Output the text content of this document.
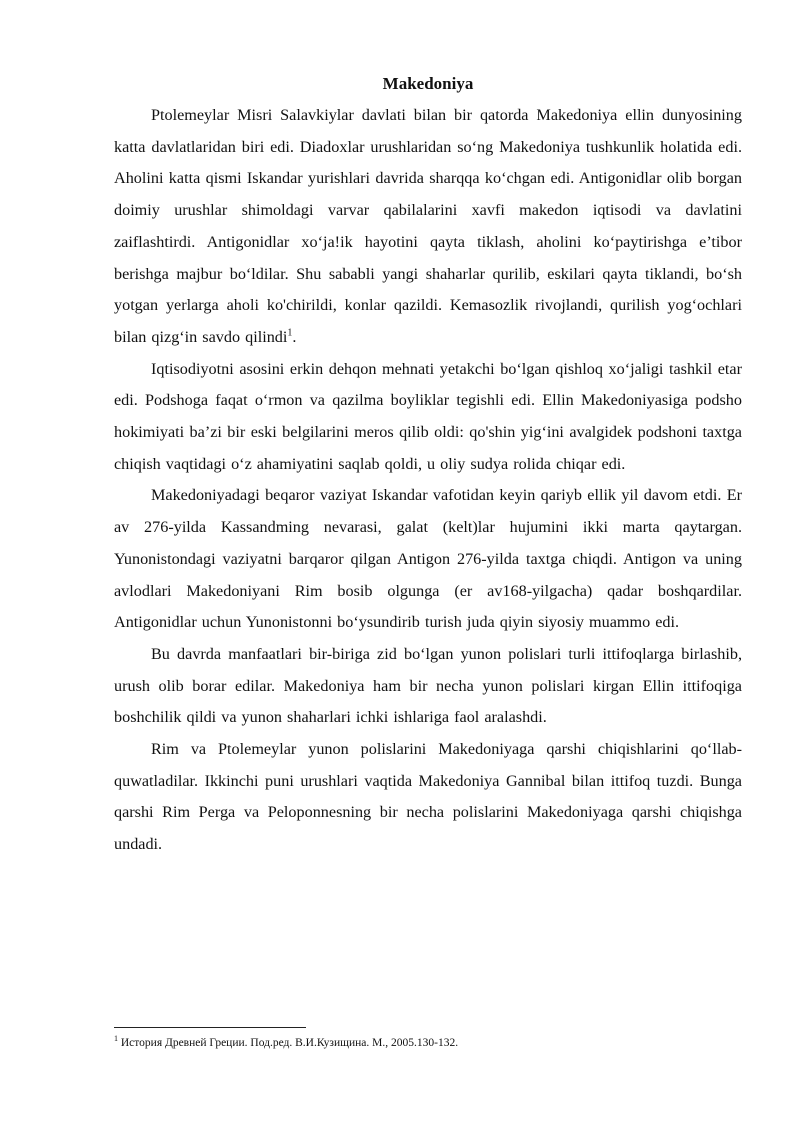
Makedoniya

Ptolemeylar Misri Salavkiylar davlati bilan bir qatorda Makedoniya ellin dunyosining katta davlatlaridan biri edi. Diadoxlar urushlaridan so‘ng Makedoniya tushkunlik holatida edi. Aholini katta qismi Iskandar yurishlari davrida sharqqa ko‘chgan edi. Antigonidlar olib borgan doimiy urushlar shimoldagi varvar qabilalarini xavfi makedon iqtisodi va davlatini zaiflashtirdi. Antigonidlar xo‘ja!ik hayotini qayta tiklash, aholini ko‘paytirishga e’tibor berishga majbur bo‘ldilar. Shu sababli yangi shaharlar qurilib, eskilari qayta tiklandi, bo‘sh yotgan yerlarga aholi ko'chirildi, konlar qazildi. Kemasozlik rivojlandi, qurilish yog‘ochlari bilan qizg‘in savdo qilindi$^1$.

Iqtisodiyotni asosini erkin dehqon mehnati yetakchi bo‘lgan qishloq xo‘jaligi tashkil etar edi. Podshoga faqat o‘rmon va qazilma boyliklar tegishli edi. Ellin Makedoniyasiga podsho hokimiyati ba’zi bir eski belgilarini meros qilib oldi: qo'shin yig‘ini avalgidek podshoni taxtga chiqish vaqtidagi o‘z ahamiyatini saqlab qoldi, u oliy sudya rolida chiqar edi.

Makedoniyadagi beqaror vaziyat Iskandar vafotidan keyin qariyb ellik yil davom etdi. Er av 276-yilda Kassandming nevarasi, galat (kelt)lar hujumini ikki marta qaytargan. Yunonistondagi vaziyatni barqaror qilgan Antigon 276-yilda taxtga chiqdi. Antigon va uning avlodlari Makedoniyani Rim bosib olgunga (er av168-yilgacha) qadar boshqardilar. Antigonidlar uchun Yunonistonni bo‘ysundirib turish juda qiyin siyosiy muammo edi.

Bu davrda manfaatlari bir-biriga zid bo‘lgan yunon polislari turli ittifoqlarga birlashib, urush olib borar edilar. Makedoniya ham bir necha yunon polislari kirgan Ellin ittifoqiga boshchilik qildi va yunon shaharlari ichki ishlariga faol aralashdi.

Rim va Ptolemeylar yunon polislarini Makedoniyaga qarshi chiqishlarini qo‘llab-quwatladilar. Ikkinchi puni urushlari vaqtida Makedoniya Gannibal bilan ittifoq tuzdi. Bunga qarshi Rim Perga va Peloponnesning bir necha polislarini Makedoniyaga qarshi chiqishga undadi.

$^1$ История Древней Греции. Под.ред. В.И.Кузищина. М., 2005.130-132.
